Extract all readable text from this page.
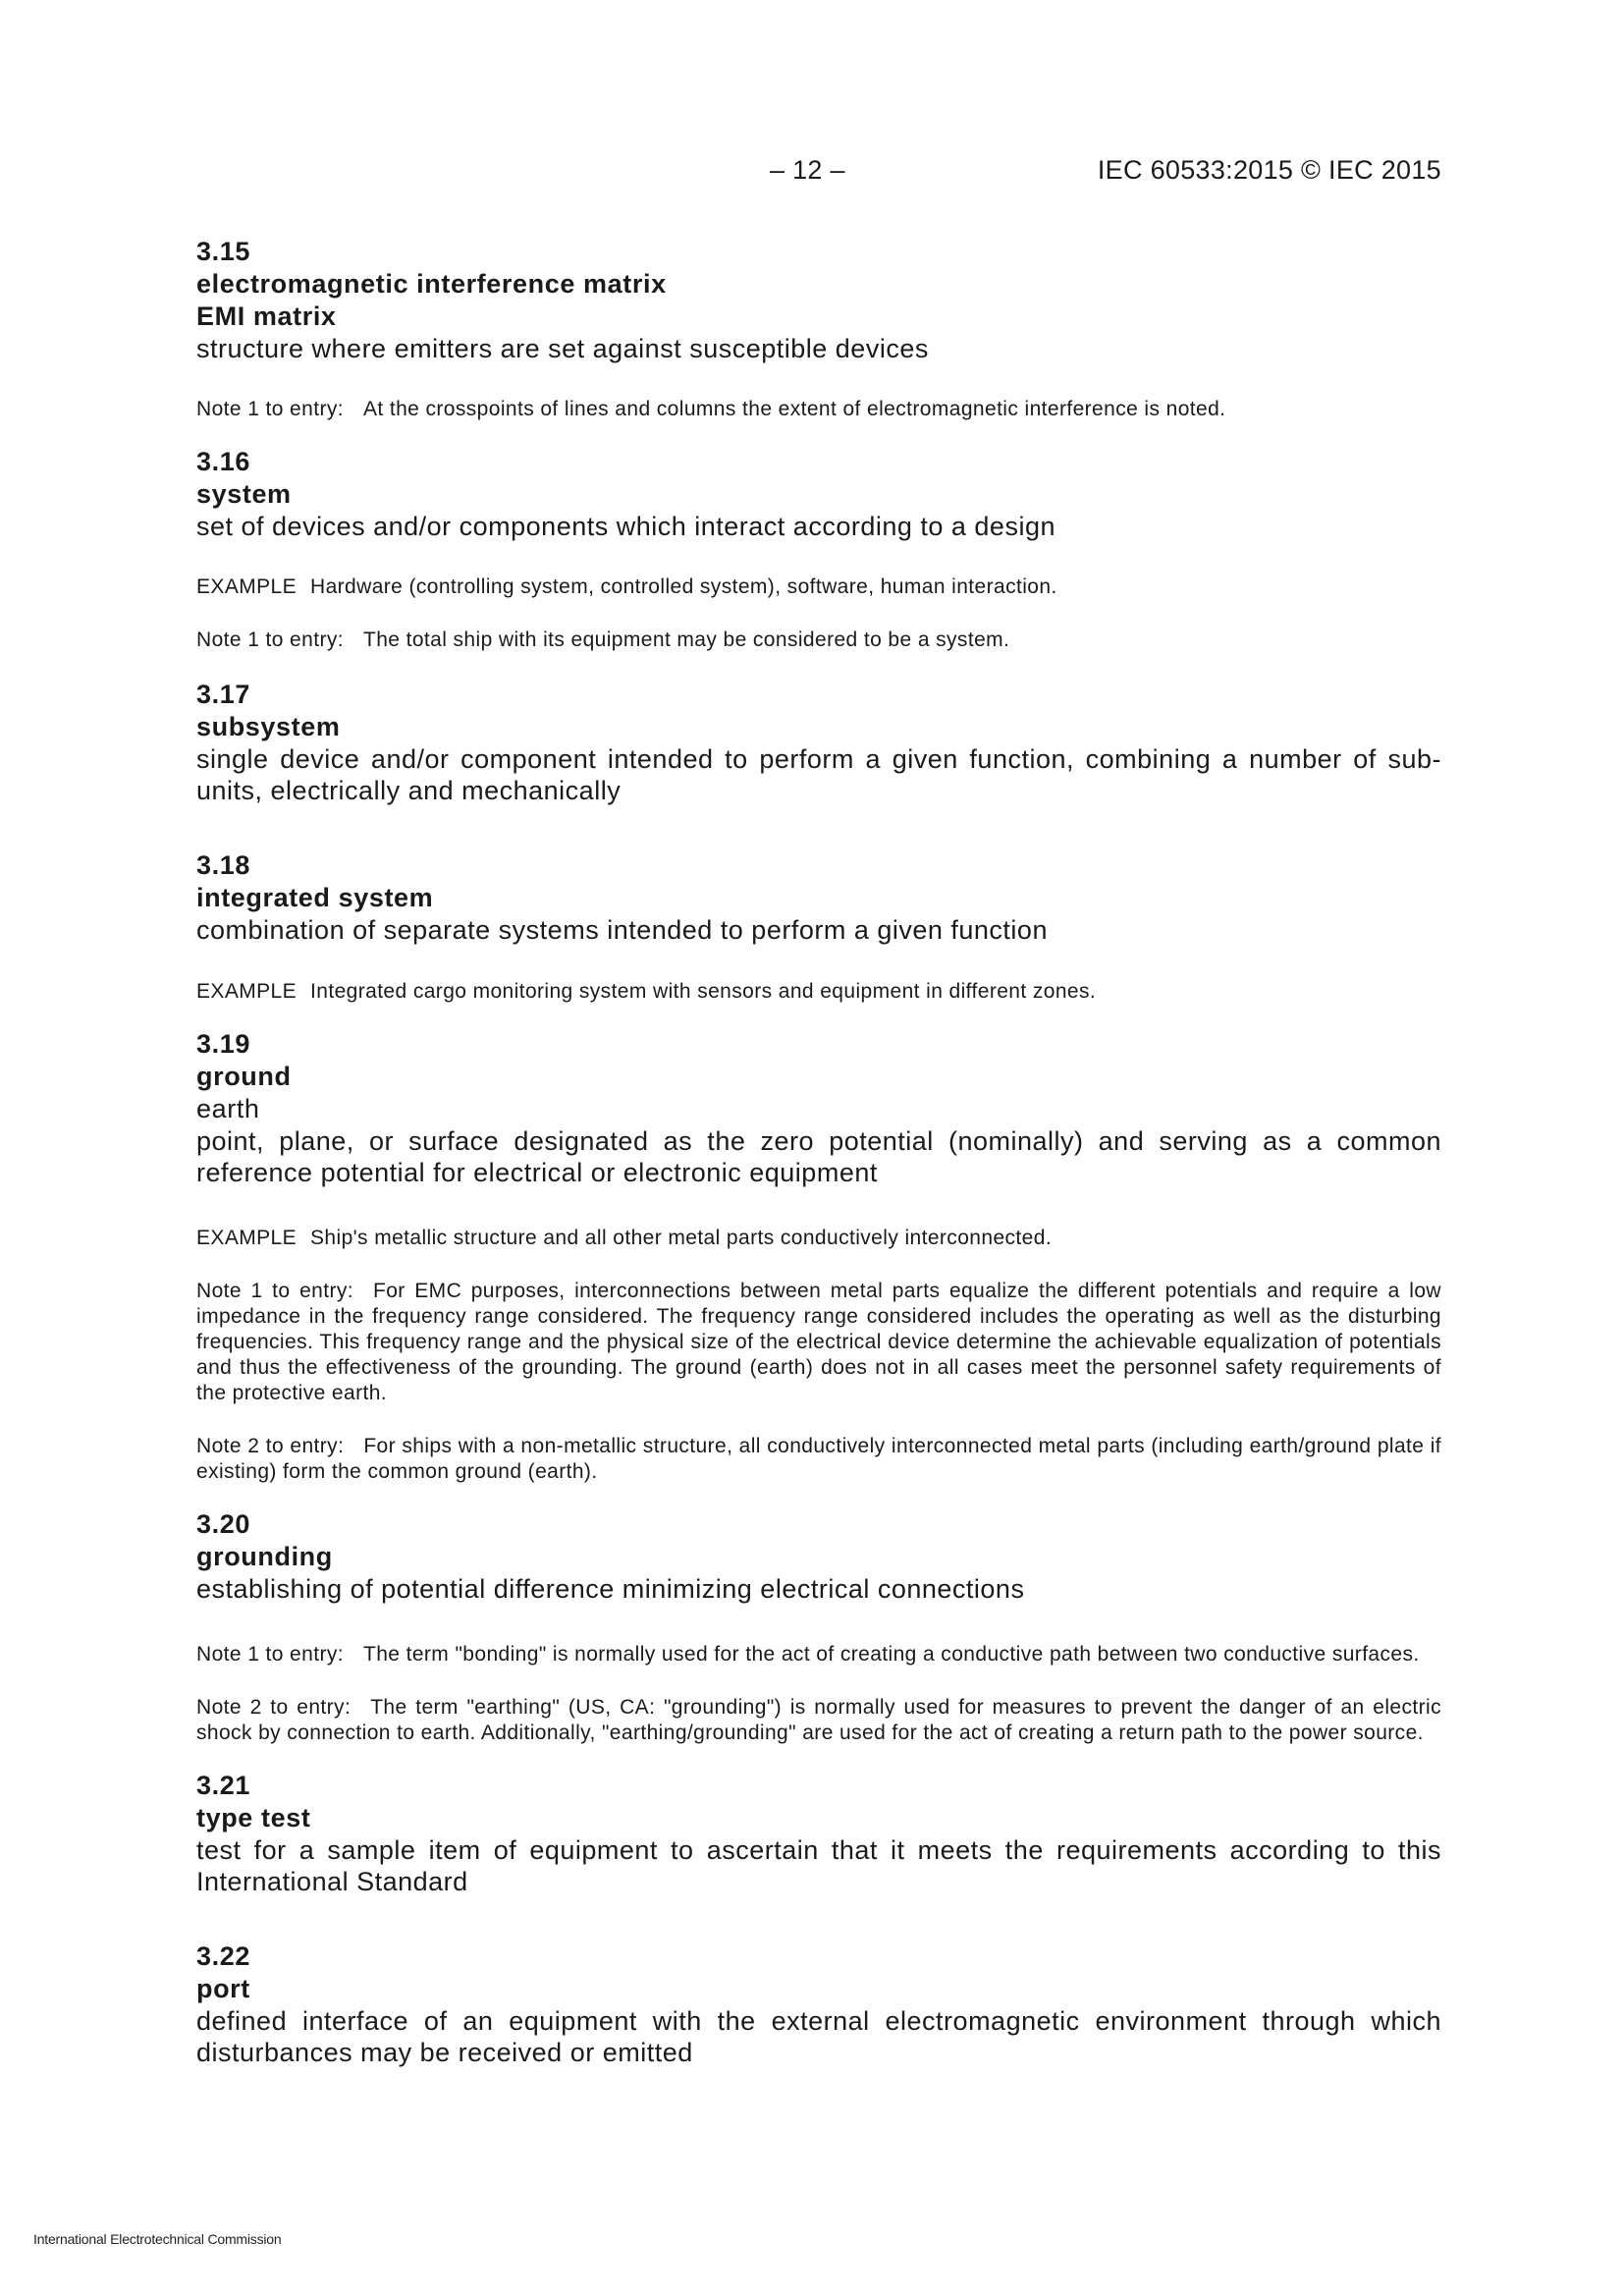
– 12 –	IEC 60533:2015 © IEC 2015
3.15
electromagnetic interference matrix
EMI matrix
structure where emitters are set against susceptible devices
Note 1 to entry: At the crosspoints of lines and columns the extent of electromagnetic interference is noted.
3.16
system
set of devices and/or components which interact according to a design
EXAMPLE Hardware (controlling system, controlled system), software, human interaction.
Note 1 to entry: The total ship with its equipment may be considered to be a system.
3.17
subsystem
single device and/or component intended to perform a given function, combining a number of sub-units, electrically and mechanically
3.18
integrated system
combination of separate systems intended to perform a given function
EXAMPLE Integrated cargo monitoring system with sensors and equipment in different zones.
3.19
ground
earth
point, plane, or surface designated as the zero potential (nominally) and serving as a common reference potential for electrical or electronic equipment
EXAMPLE Ship's metallic structure and all other metal parts conductively interconnected.
Note 1 to entry: For EMC purposes, interconnections between metal parts equalize the different potentials and require a low impedance in the frequency range considered. The frequency range considered includes the operating as well as the disturbing frequencies. This frequency range and the physical size of the electrical device determine the achievable equalization of potentials and thus the effectiveness of the grounding. The ground (earth) does not in all cases meet the personnel safety requirements of the protective earth.
Note 2 to entry: For ships with a non-metallic structure, all conductively interconnected metal parts (including earth/ground plate if existing) form the common ground (earth).
3.20
grounding
establishing of potential difference minimizing electrical connections
Note 1 to entry: The term "bonding" is normally used for the act of creating a conductive path between two conductive surfaces.
Note 2 to entry: The term "earthing" (US, CA: "grounding") is normally used for measures to prevent the danger of an electric shock by connection to earth. Additionally, "earthing/grounding" are used for the act of creating a return path to the power source.
3.21
type test
test for a sample item of equipment to ascertain that it meets the requirements according to this International Standard
3.22
port
defined interface of an equipment with the external electromagnetic environment through which disturbances may be received or emitted
International Electrotechnical Commission
